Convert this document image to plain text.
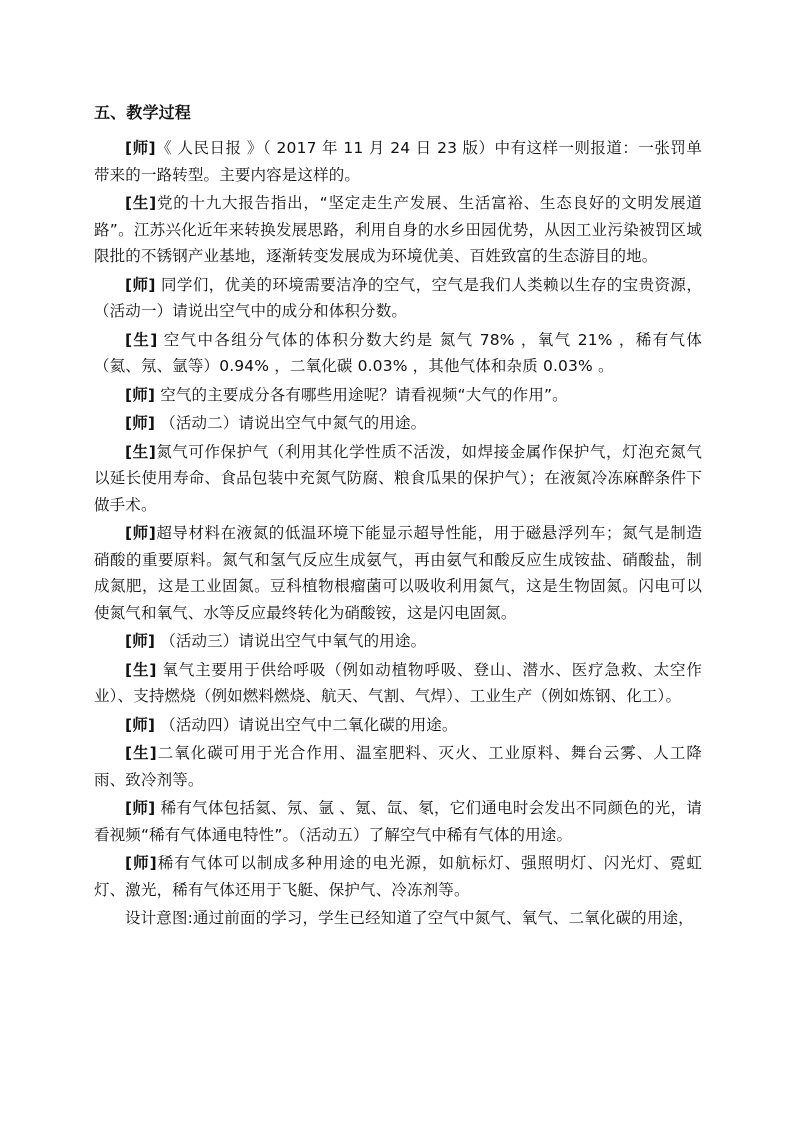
五、教学过程

[师]《 人民日报 》（ 2017 年 11 月 24 日 23 版）中有这样一则报道：一张罚单带来的一路转型。主要内容是这样的。

[生]党的十九大报告指出，“坚定走生产发展、生活富裕、生态良好的文明发展道路”。江苏兴化近年来转换发展思路，利用自身的水乡田园优势，从因工业污染被罚区域限批的不锈钢产业基地，逐渐转变发展成为环境优美、百姓致富的生态游目的地。

[师] 同学们，优美的环境需要洁净的空气，空气是我们人类赖以生存的宝贵资源，（活动一）请说出空气中的成分和体积分数。

[生] 空气中各组分气体的体积分数大约是 氮气 78% ，氧气 21% ，稀有气体（氦、氖、氩等）0.94% ，二氧化碳 0.03% ，其他气体和杂质 0.03% 。

[师] 空气的主要成分各有哪些用途呢？请看视频“大气的作用”。

[师] （活动二）请说出空气中氮气的用途。

[生]氮气可作保护气（利用其化学性质不活泼，如焊接金属作保护气，灯泡充氮气以延长使用寿命、食品包装中充氮气防腐、粮食瓜果的保护气）；在液氮冷冻麻醉条件下做手术。

[师]超导材料在液氮的低温环境下能显示超导性能，用于磁悬浮列车；氮气是制造硝酸的重要原料。氮气和氢气反应生成氨气，再由氨气和酸反应生成铵盐、硝酸盐，制成氮肥，这是工业固氮。豆科植物根瘤菌可以吸收利用氮气，这是生物固氮。闪电可以使氮气和氧气、水等反应最终转化为硝酸铵，这是闪电固氮。

[师] （活动三）请说出空气中氧气的用途。

[生] 氧气主要用于供给呼吸（例如动植物呼吸、登山、潜水、医疗急救、太空作业）、支持燃烧（例如燃料燃烧、航天、气割、气焊）、工业生产（例如炼钢、化工）。

[师] （活动四）请说出空气中二氧化碳的用途。

[生]二氧化碳可用于光合作用、温室肥料、灭火、工业原料、舞台云雾、人工降雨、致冷剂等。

[师] 稀有气体包括氦、氖、氩 、氪、氙、氡，它们通电时会发出不同颜色的光，请看视频“稀有气体通电特性”。（活动五）了解空气中稀有气体的用途。

[师]稀有气体可以制成多种用途的电光源，如航标灯、强照明灯、闪光灯、霓虹灯、激光，稀有气体还用于飞艇、保护气、冷冻剂等。

设计意图:通过前面的学习，学生已经知道了空气中氮气、氧气、二氧化碳的用途，
